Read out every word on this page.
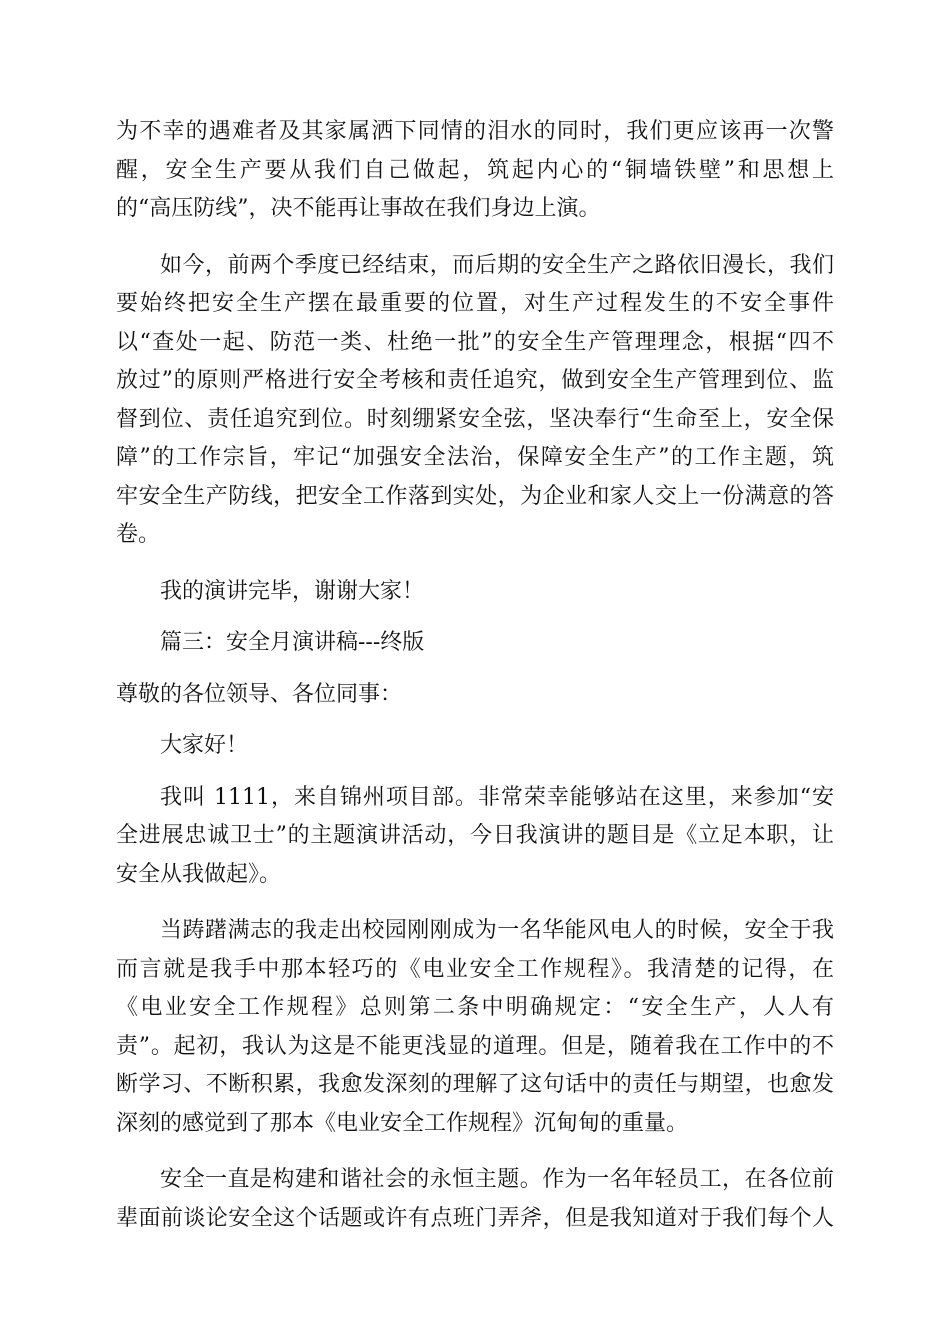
为不幸的遇难者及其家属洒下同情的泪水的同时，我们更应该再一次警
醒，安全生产要从我们自己做起，筑起内心的“铜墙铁壁”和思想上
的“高压防线”，决不能再让事故在我们身边上演。

如今，前两个季度已经结束，而后期的安全生产之路依旧漫长，我们
要始终把安全生产摆在最重要的位置，对生产过程发生的不安全事件
以“查处一起、防范一类、杜绝一批”的安全生产管理理念，根据“四不
放过”的原则严格进行安全考核和责任追究，做到安全生产管理到位、监
督到位、责任追究到位。时刻绷紧安全弦，坚决奉行“生命至上，安全保
障”的工作宗旨，牢记“加强安全法治，保障安全生产”的工作主题，筑
牢安全生产防线，把安全工作落到实处，为企业和家人交上一份满意的答
卷。

我的演讲完毕，谢谢大家！

篇三：安全月演讲稿---终版

尊敬的各位领导、各位同事：

大家好！

我叫 1111，来自锦州项目部。非常荣幸能够站在这里，来参加“安
全进展忠诚卫士”的主题演讲活动，今日我演讲的题目是《立足本职，让
安全从我做起》。

当踌躇满志的我走出校园刚刚成为一名华能风电人的时候，安全于我
而言就是我手中那本轻巧的《电业安全工作规程》。我清楚的记得，在
《电业安全工作规程》总则第二条中明确规定：“安全生产，人人有
责”。起初，我认为这是不能更浅显的道理。但是，随着我在工作中的不
断学习、不断积累，我愈发深刻的理解了这句话中的责任与期望，也愈发
深刻的感觉到了那本《电业安全工作规程》沉甸甸的重量。

安全一直是构建和谐社会的永恒主题。作为一名年轻员工，在各位前
辈面前谈论安全这个话题或许有点班门弄斧，但是我知道对于我们每个人
